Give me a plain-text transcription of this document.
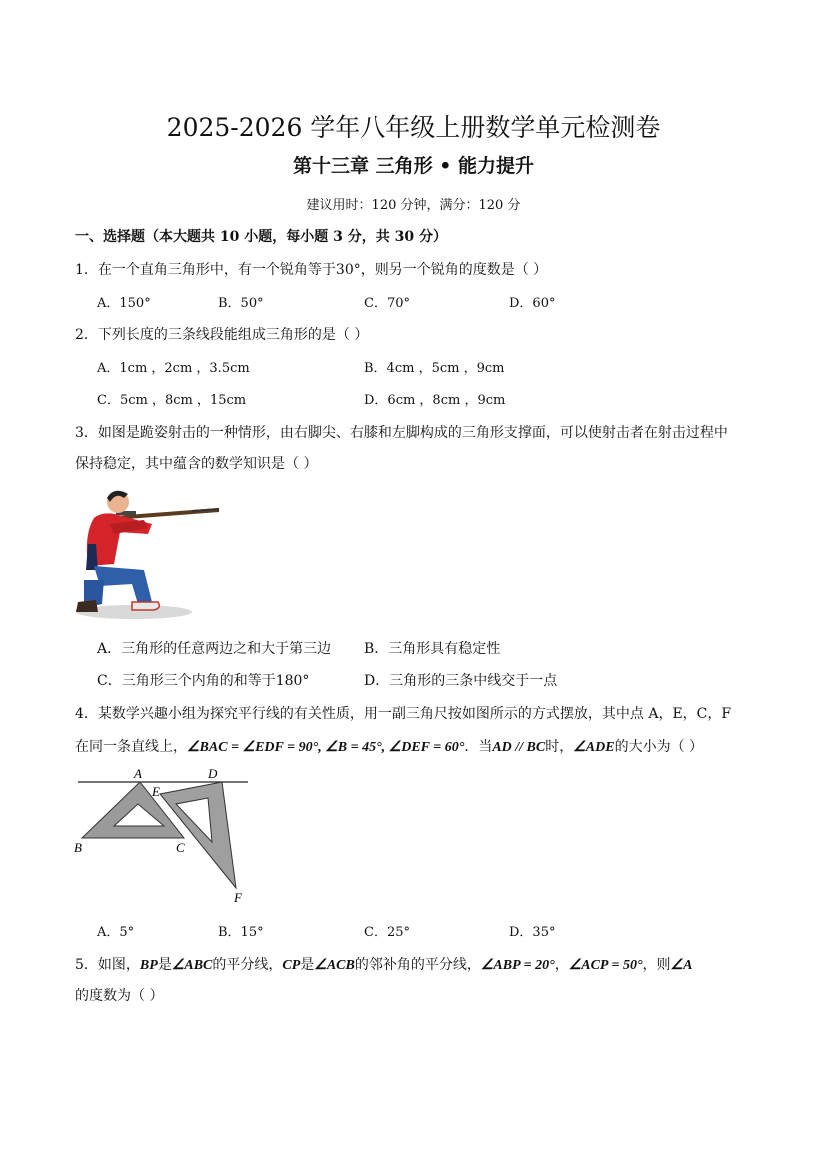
2025-2026 学年八年级上册数学单元检测卷
第十三章 三角形 • 能力提升
建议用时：120 分钟，满分：120 分
一、选择题（本大题共 10 小题，每小题 3 分，共 30 分）
1．在一个直角三角形中，有一个锐角等于30°，则另一个锐角的度数是（ ）
A．150°	B．50°	C．70°	D．60°
2．下列长度的三条线段能组成三角形的是（ ）
A．1cm ，2cm ，3.5cm	B．4cm ，5cm ，9cm
C．5cm ，8cm ，15cm	D．6cm ，8cm ，9cm
3．如图是跪姿射击的一种情形，由右脚尖、右膝和左脚构成的三角形支撑面，可以使射击者在射击过程中
保持稳定，其中蕴含的数学知识是（ ）
A．三角形的任意两边之和大于第三边 B．三角形具有稳定性
C．三角形三个内角的和等于180°	D．三角形的三条中线交于一点
4．某数学兴趣小组为探究平行线的有关性质，用一副三角尺按如图所示的方式摆放，其中点 A，E，C，F
在同一条直线上，∠BAC = ∠EDF = 90°, ∠B = 45°, ∠DEF = 60°．当AD // BC时，∠ADE的大小为（ ）
A	D
E
B	C
F
A．5°	B．15°	C．25°	D．35°
5．如图，BP是∠ABC的平分线，CP是∠ACB的邻补角的平分线，∠ABP = 20°，∠ACP = 50°，则∠A
的度数为（ ）
